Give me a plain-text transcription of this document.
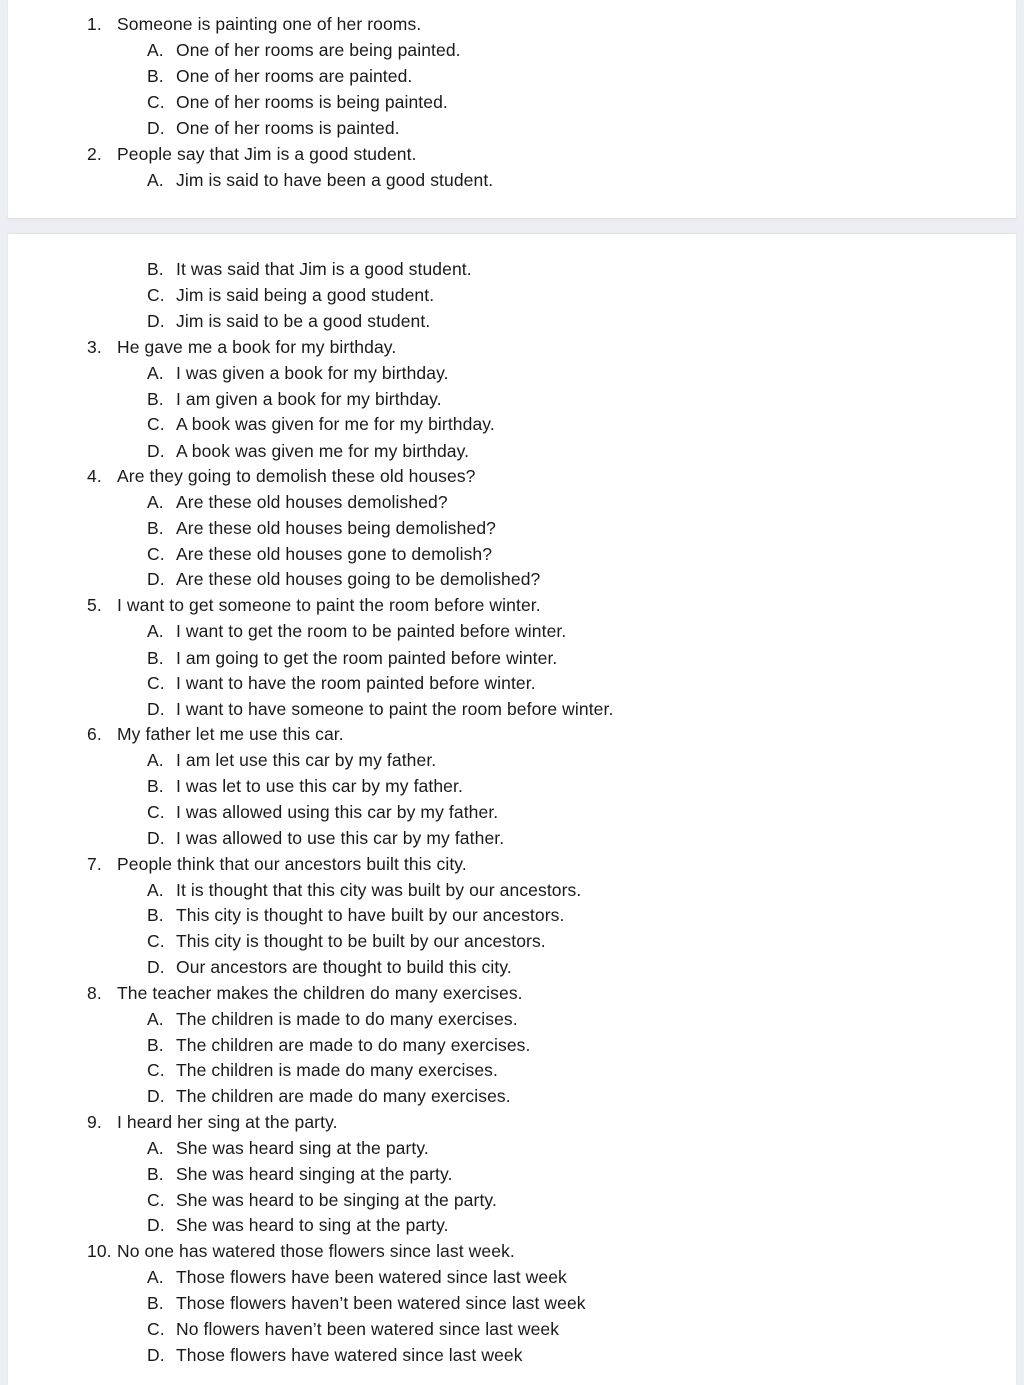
1. Someone is painting one of her rooms.
A. One of her rooms are being painted.
B. One of her rooms are painted.
C. One of her rooms is being painted.
D. One of her rooms is painted.
2. People say that Jim is a good student.
A. Jim is said to have been a good student.
B. It was said that Jim is a good student.
C. Jim is said being a good student.
D. Jim is said to be a good student.
3. He gave me a book for my birthday.
A. I was given a book for my birthday.
B. I am given a book for my birthday.
C. A book was given for me for my birthday.
D. A book was given me for my birthday.
4. Are they going to demolish these old houses?
A. Are these old houses demolished?
B. Are these old houses being demolished?
C. Are these old houses gone to demolish?
D. Are these old houses going to be demolished?
5. I want to get someone to paint the room before winter.
A. I want to get the room to be painted before winter.
B. I am going to get the room painted before winter.
C. I want to have the room painted before winter.
D. I want to have someone to paint the room before winter.
6. My father let me use this car.
A. I am let use this car by my father.
B. I was let to use this car by my father.
C. I was allowed using this car by my father.
D. I was allowed to use this car by my father.
7. People think that our ancestors built this city.
A. It is thought that this city was built by our ancestors.
B. This city is thought to have built by our ancestors.
C. This city is thought to be built by our ancestors.
D. Our ancestors are thought to build this city.
8. The teacher makes the children do many exercises.
A. The children is made to do many exercises.
B. The children are made to do many exercises.
C. The children is made do many exercises.
D. The children are made do many exercises.
9. I heard her sing at the party.
A. She was heard sing at the party.
B. She was heard singing at the party.
C. She was heard to be singing at the party.
D. She was heard to sing at the party.
10. No one has watered those flowers since last week.
A. Those flowers have been watered since last week
B. Those flowers haven’t been watered since last week
C. No flowers haven’t been watered since last week
D. Those flowers have watered since last week
